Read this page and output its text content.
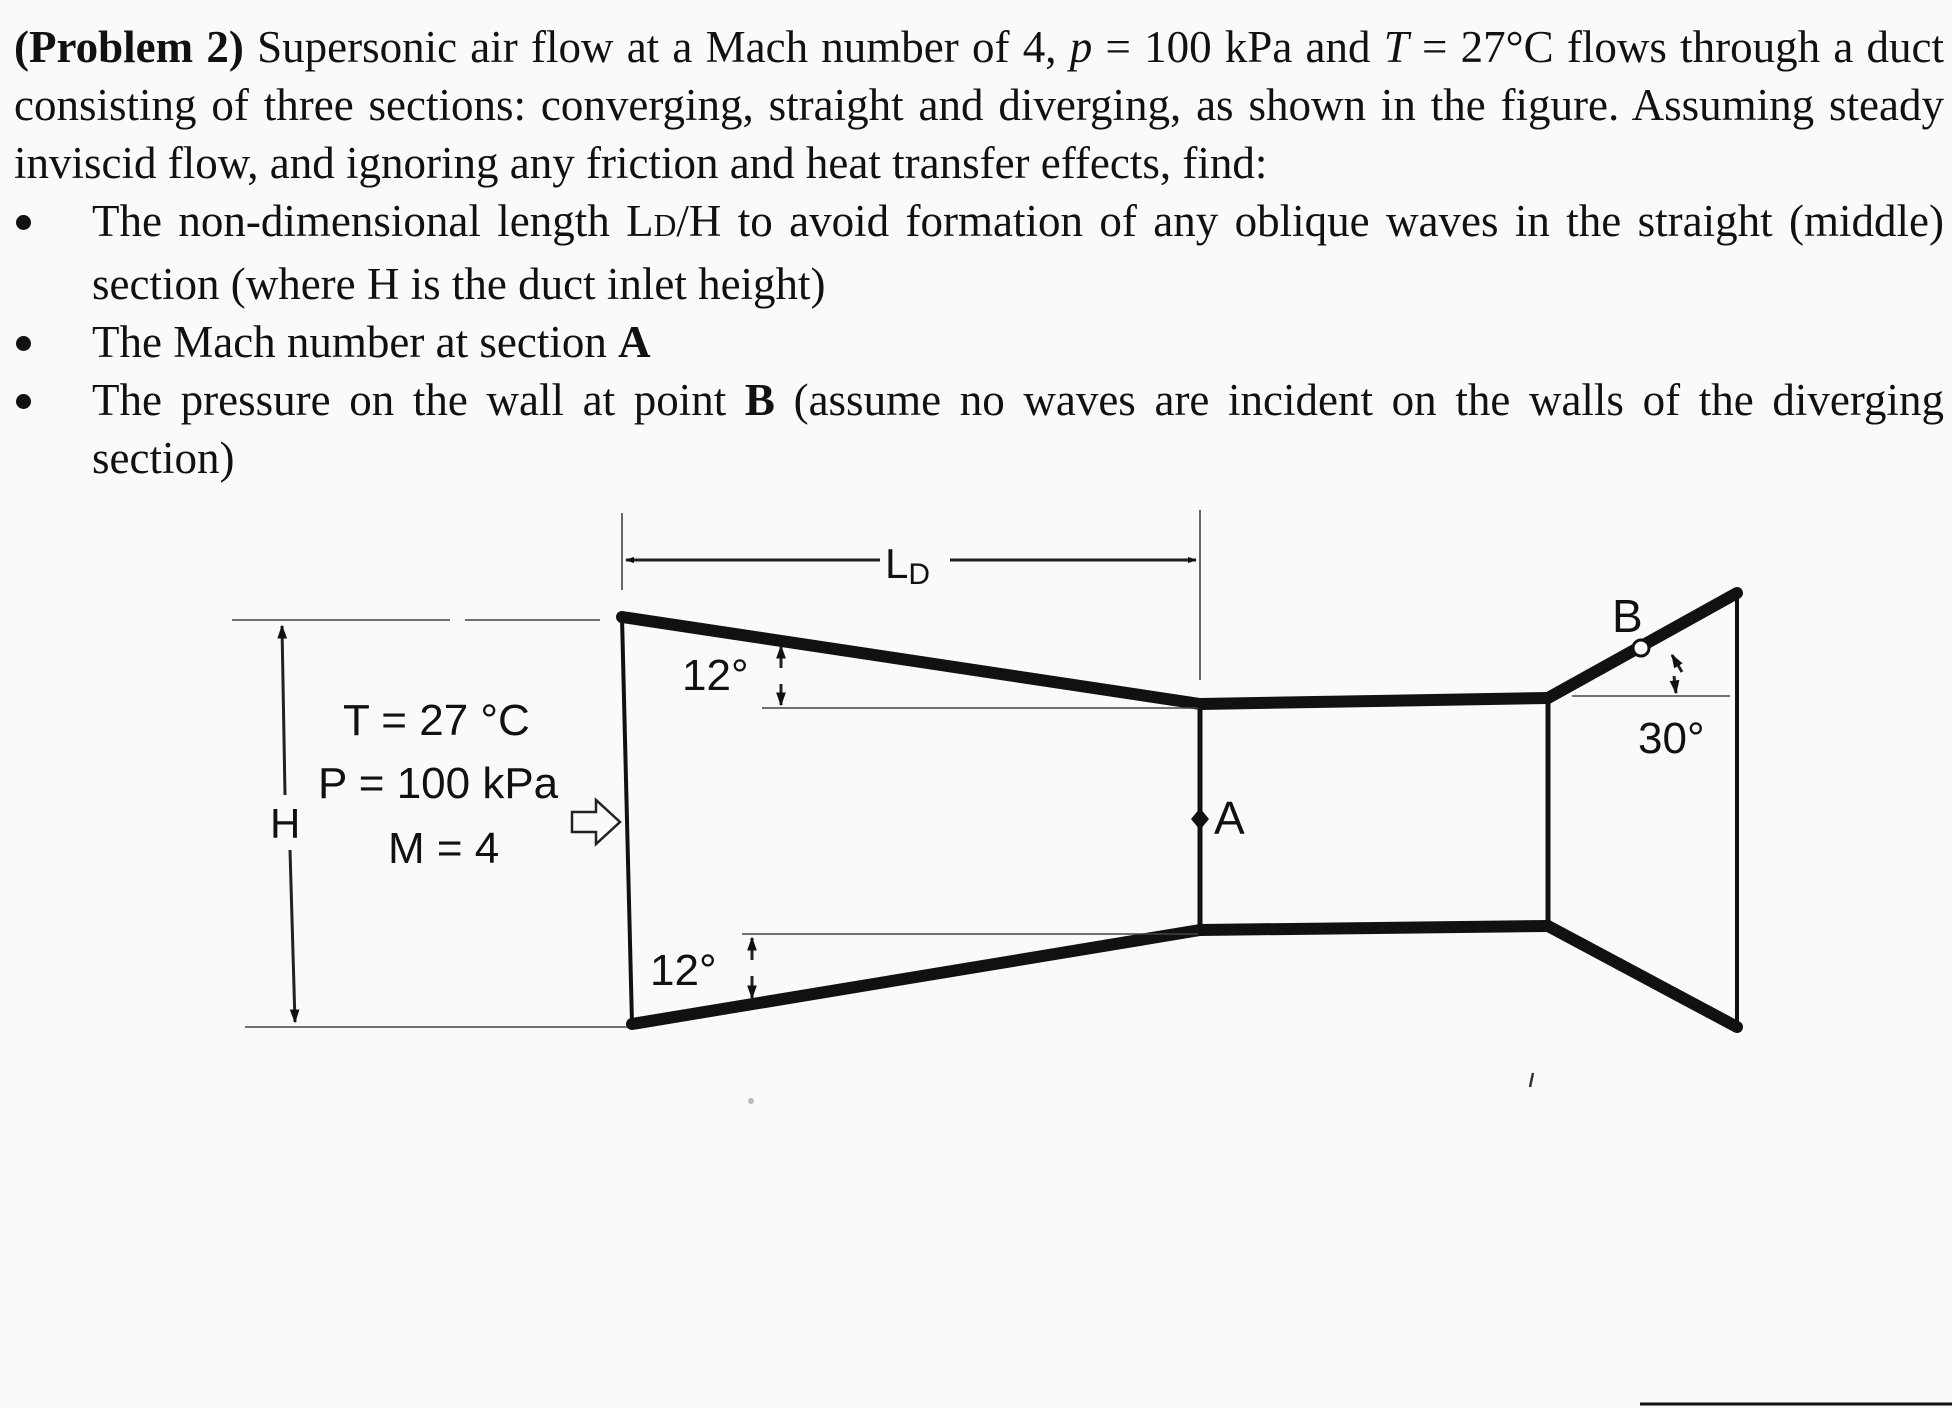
(Problem 2) Supersonic air flow at a Mach number of 4, p = 100 kPa and T = 27°C flows through a duct consisting of three sections: converging, straight and diverging, as shown in the figure. Assuming steady inviscid flow, and ignoring any friction and heat transfer effects, find:

The non-dimensional length LD/H to avoid formation of any oblique waves in the straight (middle) section (where H is the duct inlet height)
The Mach number at section A
The pressure on the wall at point B (assume no waves are incident on the walls of the diverging section)
LD
H
T = 27 °C
P = 100 kPa
M = 4
12°
12°
30°
A
B
